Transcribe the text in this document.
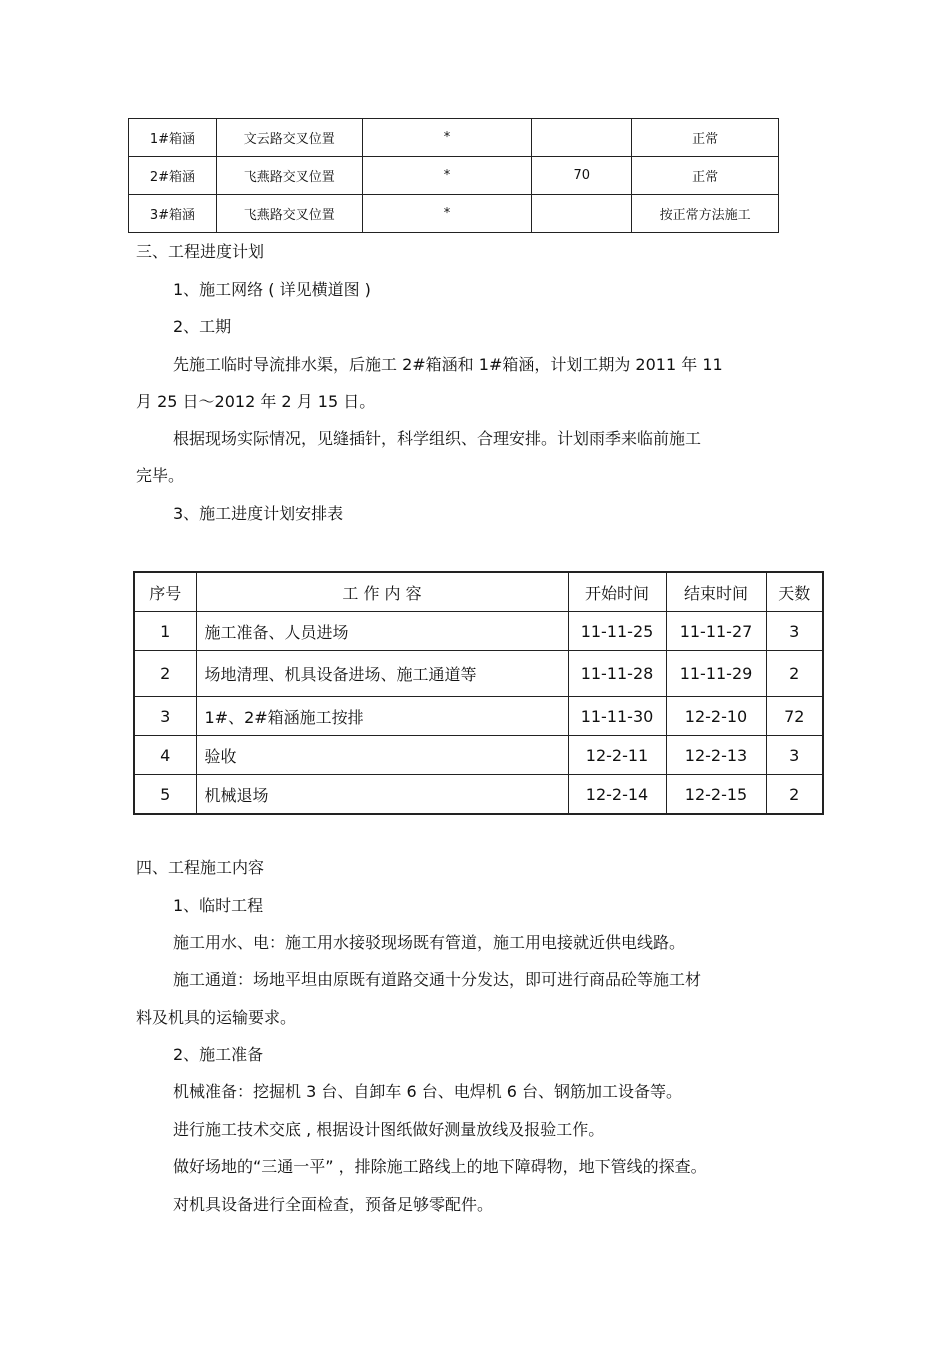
1#箱涵	文云路交叉位置	*		正常
2#箱涵	飞燕路交叉位置	*	70	正常
3#箱涵	飞燕路交叉位置	*		按正常方法施工
三、工程进度计划
1、施工网络 ( 详见横道图 )
2、工期
先施工临时导流排水渠，后施工 2#箱涵和 1#箱涵，计划工期为 2011 年 11
月 25 日～2012 年 2 月 15 日。
根据现场实际情况，见缝插针，科学组织、合理安排。计划雨季来临前施工
完毕。
3、施工进度计划安排表
序号	工 作 内 容	开始时间	结束时间	天数
1	施工准备、人员进场	11-11-25	11-11-27	3
2	场地清理、机具设备进场、施工通道等	11-11-28	11-11-29	2
3	1#、2#箱涵施工按排	11-11-30	12-2-10	72
4	验收	12-2-11	12-2-13	3
5	机械退场	12-2-14	12-2-15	2
四、工程施工内容
1、临时工程
施工用水、电：施工用水接驳现场既有管道，施工用电接就近供电线路。
施工通道：场地平坦由原既有道路交通十分发达，即可进行商品砼等施工材
料及机具的运输要求。
2、施工准备
机械准备：挖掘机 3 台、自卸车 6 台、电焊机 6 台、钢筋加工设备等。
进行施工技术交底 , 根据设计图纸做好测量放线及报验工作。
做好场地的“三通一平” ，排除施工路线上的地下障碍物，地下管线的探查。
对机具设备进行全面检查，预备足够零配件。
